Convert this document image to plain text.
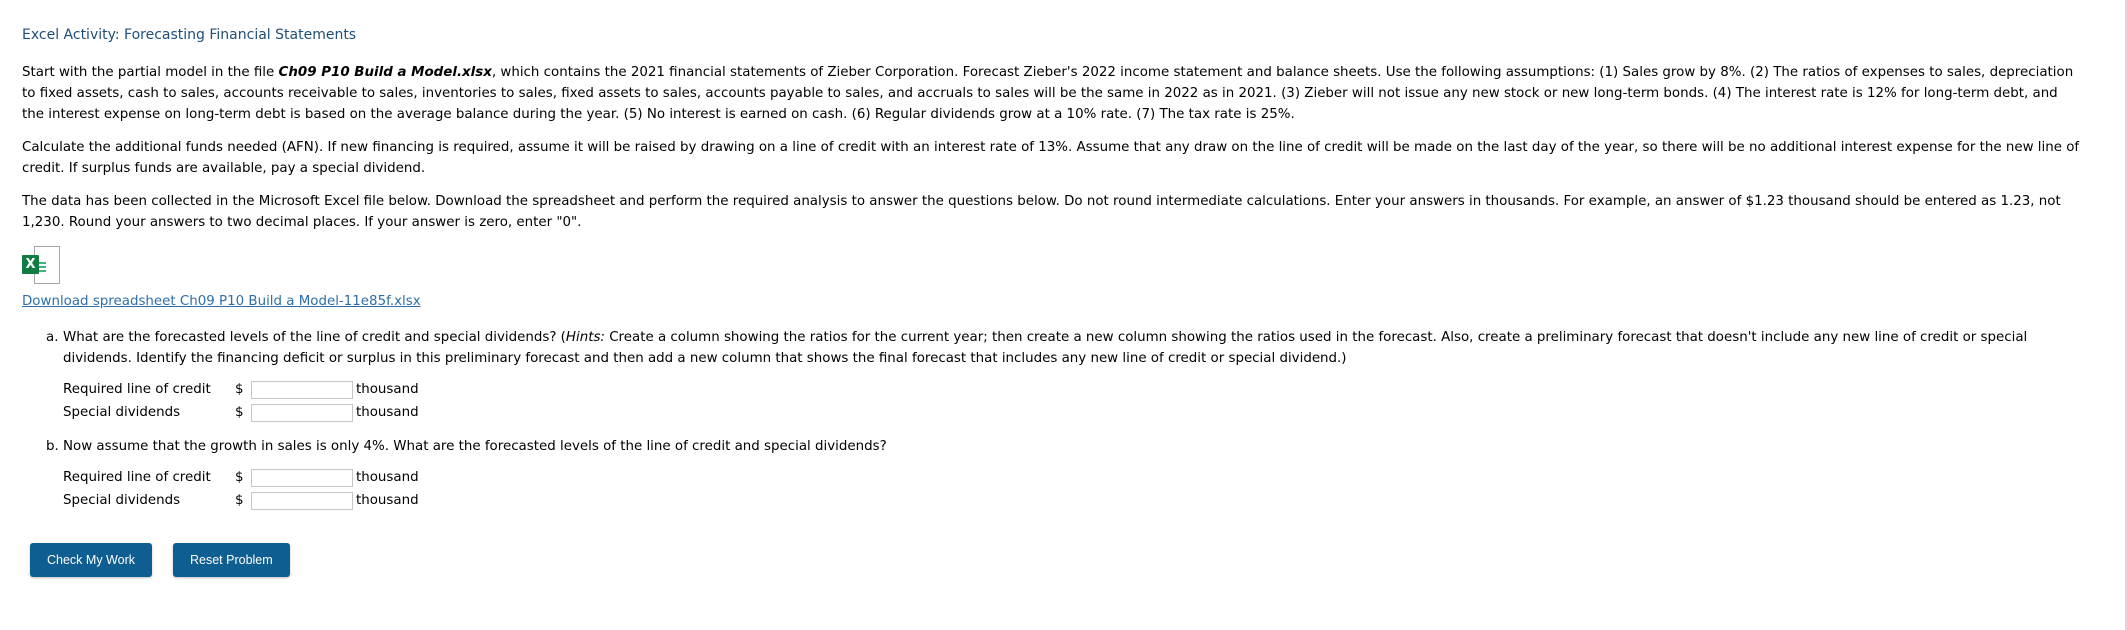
Excel Activity: Forecasting Financial Statements

Start with the partial model in the file Ch09 P10 Build a Model.xlsx, which contains the 2021 financial statements of Zieber Corporation. Forecast Zieber's 2022 income statement and balance sheets. Use the following assumptions: (1) Sales grow by 8%. (2) The ratios of expenses to sales, depreciation to fixed assets, cash to sales, accounts receivable to sales, inventories to sales, fixed assets to sales, accounts payable to sales, and accruals to sales will be the same in 2022 as in 2021. (3) Zieber will not issue any new stock or new long-term bonds. (4) The interest rate is 12% for long-term debt, and the interest expense on long-term debt is based on the average balance during the year. (5) No interest is earned on cash. (6) Regular dividends grow at a 10% rate. (7) The tax rate is 25%.

Calculate the additional funds needed (AFN). If new financing is required, assume it will be raised by drawing on a line of credit with an interest rate of 13%. Assume that any draw on the line of credit will be made on the last day of the year, so there will be no additional interest expense for the new line of credit. If surplus funds are available, pay a special dividend.

The data has been collected in the Microsoft Excel file below. Download the spreadsheet and perform the required analysis to answer the questions below. Do not round intermediate calculations. Enter your answers in thousands. For example, an answer of $1.23 thousand should be entered as 1.23, not 1,230. Round your answers to two decimal places. If your answer is zero, enter "0".

X
Download spreadsheet Ch09 P10 Build a Model-11e85f.xlsx
a. What are the forecasted levels of the line of credit and special dividends? (Hints: Create a column showing the ratios for the current year; then create a new column showing the ratios used in the forecast. Also, create a preliminary forecast that doesn't include any new line of credit or special dividends. Identify the financing deficit or surplus in this preliminary forecast and then add a new column that shows the final forecast that includes any new line of credit or special dividend.)
Required line of credit	$	thousand
Special dividends	$	thousand
b. Now assume that the growth in sales is only 4%. What are the forecasted levels of the line of credit and special dividends?
Required line of credit	$	thousand
Special dividends	$	thousand
Check My Work	Reset Problem
